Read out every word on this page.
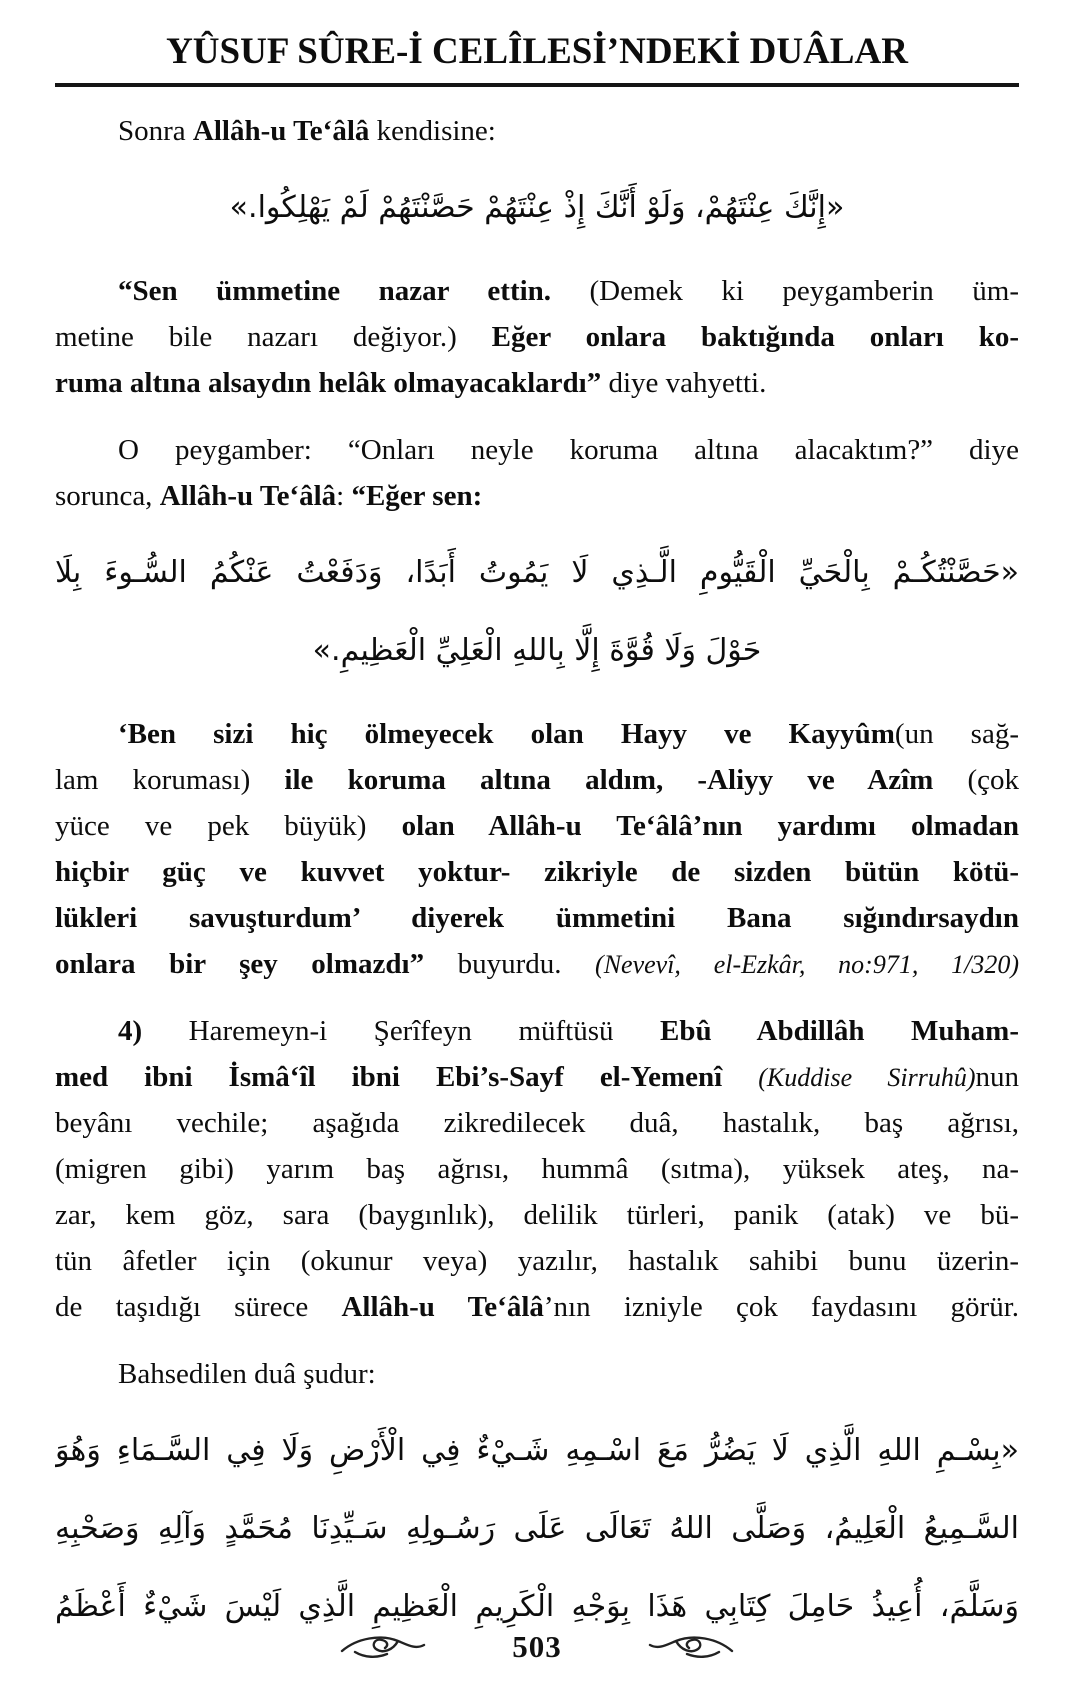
YÛSUF SÛRE-İ CELÎLESİ’NDEKİ DUÂLAR
Sonra Allâh-u Te‘âlâ kendisine:
«إِنَّكَ عِنْتَهُمْ، وَلَوْ أَنَّكَ إِذْ عِنْتَهُمْ حَصَّنْتَهُمْ لَمْ يَهْلِكُوا.»
“Sen ümmetine nazar ettin. (Demek ki peygamberin üm-
metine bile nazarı değiyor.) Eğer onlara baktığında onları ko-
ruma altına alsaydın helâk olmayacaklardı” diye vahyetti.
O peygamber: “Onları neyle koruma altına alacaktım?” diye
sorunca, Allâh-u Te‘âlâ: “Eğer sen:
«حَصَّنْتُكُـمْ بِالْحَيِّ الْقَيُّومِ الَّـذِي لَا يَمُوتُ أَبَدًا، وَدَفَعْتُ عَنْكُمُ السُّـوءَ بِلَا
حَوْلَ وَلَا قُوَّةَ إِلَّا بِاللهِ الْعَلِيِّ الْعَظِيمِ.»
‘Ben sizi hiç ölmeyecek olan Hayy ve Kayyûm(un sağ-
lam koruması) ile koruma altına aldım, -Aliyy ve Azîm (çok
yüce ve pek büyük) olan Allâh-u Te‘âlâ’nın yardımı olmadan
hiçbir güç ve kuvvet yoktur- zikriyle de sizden bütün kötü-
lükleri savuşturdum’ diyerek ümmetini Bana sığındırsaydın
onlara bir şey olmazdı” buyurdu. (Nevevî, el-Ezkâr, no:971, 1/320)
4) Haremeyn-i Şerîfeyn müftüsü Ebû Abdillâh Muham-
med ibni İsmâ‘îl ibni Ebi’s-Sayf el-Yemenî (Kuddise Sirruhû)nun
beyânı vechile; aşağıda zikredilecek duâ, hastalık, baş ağrısı,
(migren gibi) yarım baş ağrısı, hummâ (sıtma), yüksek ateş, na-
zar, kem göz, sara (baygınlık), delilik türleri, panik (atak) ve bü-
tün âfetler için (okunur veya) yazılır, hastalık sahibi bunu üzerin-
de taşıdığı sürece Allâh-u Te‘âlâ’nın izniyle çok faydasını görür.
Bahsedilen duâ şudur:
«بِسْـمِ اللهِ الَّذِي لَا يَضُرُّ مَعَ اسْـمِهِ شَـيْءٌ فِي الْأَرْضِ وَلَا فِي السَّـمَاءِ وَهُوَ
السَّـمِيعُ الْعَلِيمُ، وَصَلَّى اللهُ تَعَالَى عَلَى رَسُـولِهِ سَـيِّدِنَا مُحَمَّدٍ وَآلِهِ وَصَحْبِهِ
وَسَلَّمَ، أُعِيذُ حَامِلَ كِتَابِي هَذَا بِوَجْهِ الْكَرِيمِ الْعَظِيمِ الَّذِي لَيْسَ شَيْءٌ أَعْظَمُ
503
